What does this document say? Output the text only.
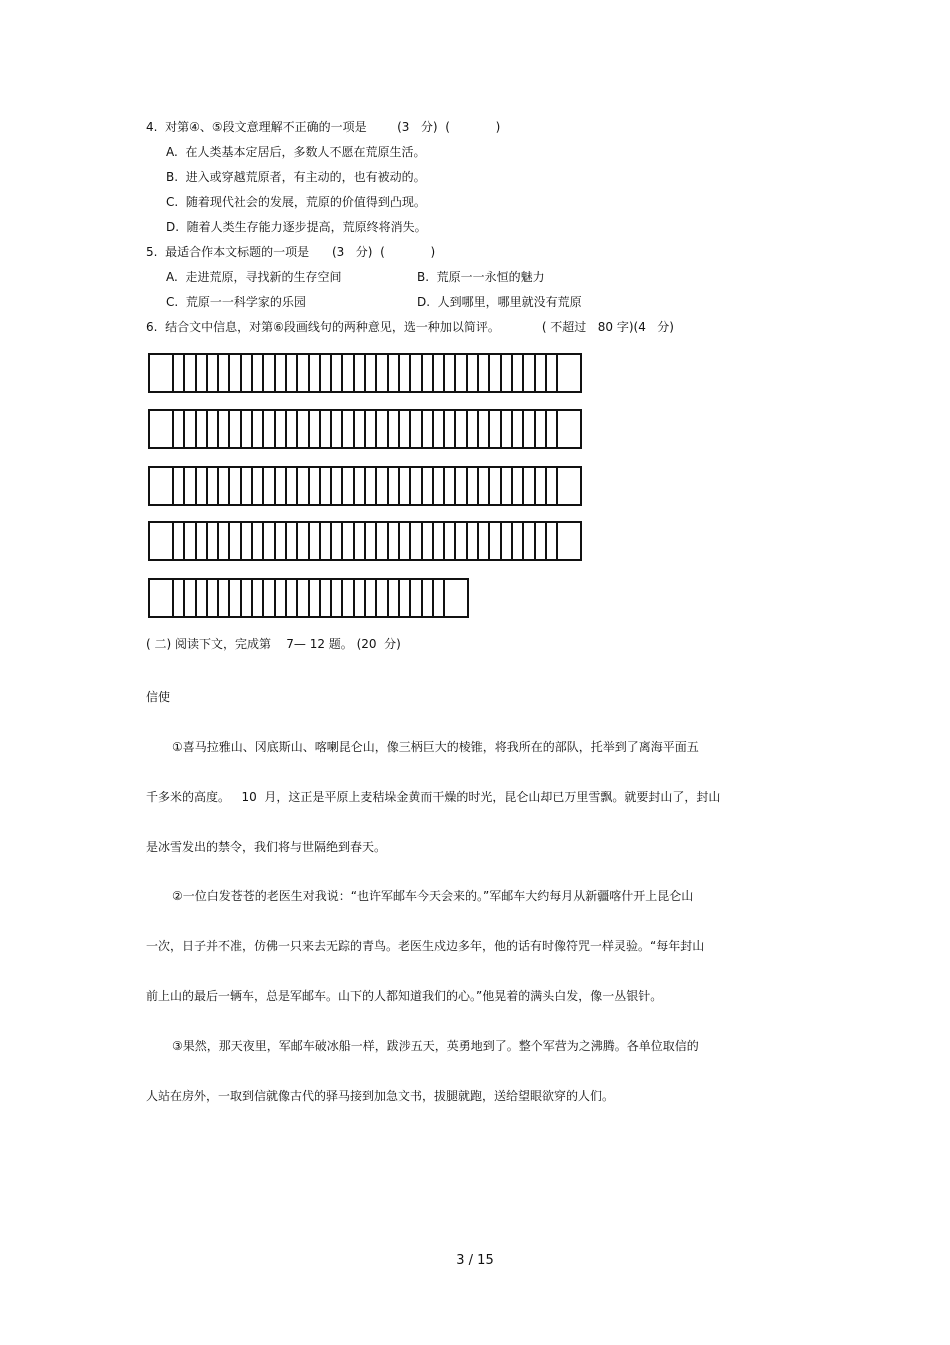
4.  对第④、⑤段文意理解不正确的一项是	(3   分) (            )
A.  在人类基本定居后，多数人不愿在荒原生活。
B.  进入或穿越荒原者，有主动的，也有被动的。
C.  随着现代社会的发展，荒原的价值得到凸现。
D.  随着人类生存能力逐步提高，荒原终将消失。
5.  最适合作本文标题的一项是 (3   分) (            )
A.  走进荒原，寻找新的生存空间	B.  荒原一一永恒的魅力
C.  荒原一一科学家的乐园	D.  人到哪里，哪里就没有荒原
6.  结合文中信息，对第⑥段画线句的两种意见，选一种加以简评。	( 不超过   80 字)(4   分)
( 二) 阅读下文，完成第    7— 12 题。 (20  分)
信使
①喜马拉雅山、冈底斯山、喀喇昆仑山，像三柄巨大的棱锥，将我所在的部队，托举到了离海平面五
千多米的高度。   10  月，这正是平原上麦秸垛金黄而干燥的时光，昆仑山却已万里雪飘。就要封山了，封山
是冰雪发出的禁令，我们将与世隔绝到春天。
②一位白发苍苍的老医生对我说：“也许军邮车今天会来的。”军邮车大约每月从新疆喀什开上昆仑山
一次，日子并不准，仿佛一只来去无踪的青鸟。老医生戍边多年，他的话有时像符咒一样灵验。“每年封山
前上山的最后一辆车，总是军邮车。山下的人都知道我们的心。”他晃着的满头白发，像一丛银针。
③果然，那天夜里，军邮车破冰船一样，跋涉五天，英勇地到了。整个军营为之沸腾。各单位取信的
人站在房外，一取到信就像古代的驿马接到加急文书，拔腿就跑，送给望眼欲穿的人们。
3 / 15
